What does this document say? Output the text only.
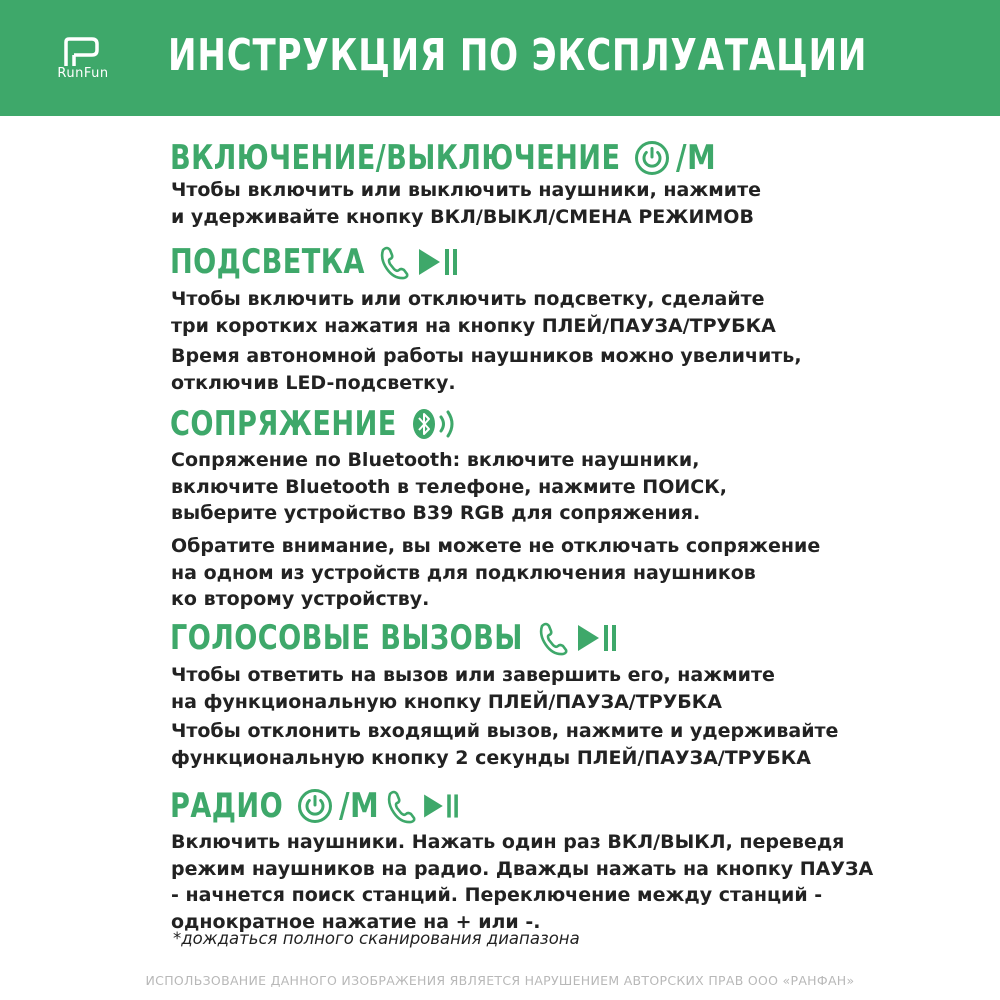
RunFun ИНСТРУКЦИЯ ПО ЭКСПЛУАТАЦИИ
ВКЛЮЧЕНИЕ/ВЫКЛЮЧЕНИЕ /M
Чтобы включить или выключить наушники, нажмите
и удерживайте кнопку ВКЛ/ВЫКЛ/СМЕНА РЕЖИМОВ
ПОДСВЕТКА
Чтобы включить или отключить подсветку, сделайте
три коротких нажатия на кнопку ПЛЕЙ/ПАУЗА/ТРУБКА
Время автономной работы наушников можно увеличить,
отключив LED-подсветку.
СОПРЯЖЕНИЕ
Сопряжение по Bluetooth: включите наушники,
включите Bluetooth в телефоне, нажмите ПОИСК,
выберите устройство B39 RGB для сопряжения.
Обратите внимание, вы можете не отключать сопряжение
на одном из устройств для подключения наушников
ко второму устройству.
ГОЛОСОВЫЕ ВЫЗОВЫ
Чтобы ответить на вызов или завершить его, нажмите
на функциональную кнопку ПЛЕЙ/ПАУЗА/ТРУБКА
Чтобы отклонить входящий вызов, нажмите и удерживайте
функциональную кнопку 2 секунды ПЛЕЙ/ПАУЗА/ТРУБКА
РАДИО /M
Включить наушники. Нажать один раз ВКЛ/ВЫКЛ, переведя
режим наушников на радио. Дважды нажать на кнопку ПАУЗА
- начнется поиск станций. Переключение между станций -
однократное нажатие на + или -.
*дождаться полного сканирования диапазона
ИСПОЛЬЗОВАНИЕ ДАННОГО ИЗОБРАЖЕНИЯ ЯВЛЯЕТСЯ НАРУШЕНИЕМ АВТОРСКИХ ПРАВ ООО «РАНФАН»
